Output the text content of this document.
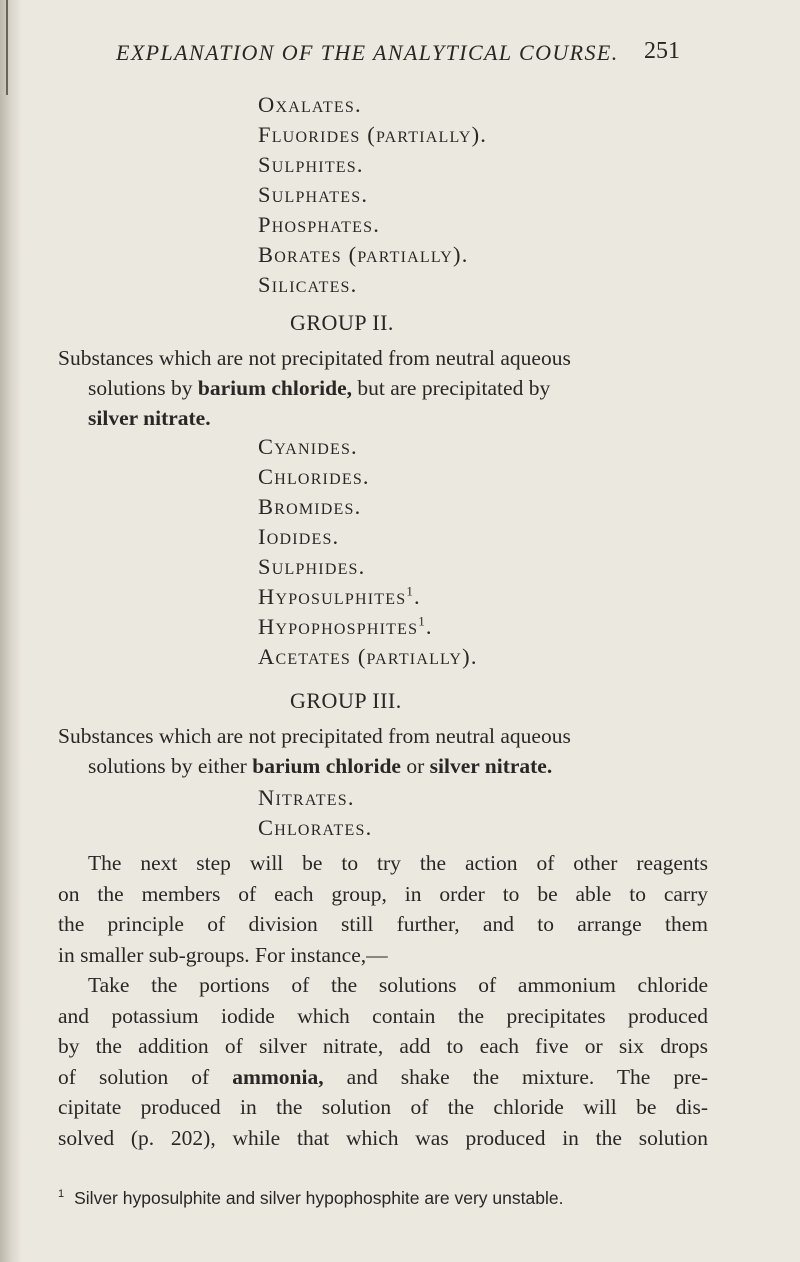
EXPLANATION OF THE ANALYTICAL COURSE. 251
Oxalates.
Fluorides (partially).
Sulphites.
Sulphates.
Phosphates.
Borates (partially).
Silicates.
GROUP II.
Substances which are not precipitated from neutral aqueous
solutions by barium chloride, but are precipitated by
silver nitrate.
Cyanides.
Chlorides.
Bromides.
Iodides.
Sulphides.
Hyposulphites$^1$.
Hypophosphites$^1$.
Acetates (partially).
GROUP III.
Substances which are not precipitated from neutral aqueous
solutions by either barium chloride or silver nitrate.
Nitrates.
Chlorates.
The next step will be to try the action of other reagents
on the members of each group, in order to be able to carry
the principle of division still further, and to arrange them
in smaller sub-groups. For instance,—
Take the portions of the solutions of ammonium chloride
and potassium iodide which contain the precipitates produced
by the addition of silver nitrate, add to each five or six drops
of solution of ammonia, and shake the mixture. The pre-
cipitate produced in the solution of the chloride will be dis-
solved (p. 202), while that which was produced in the solution
$^1$ Silver hyposulphite and silver hypophosphite are very unstable.
